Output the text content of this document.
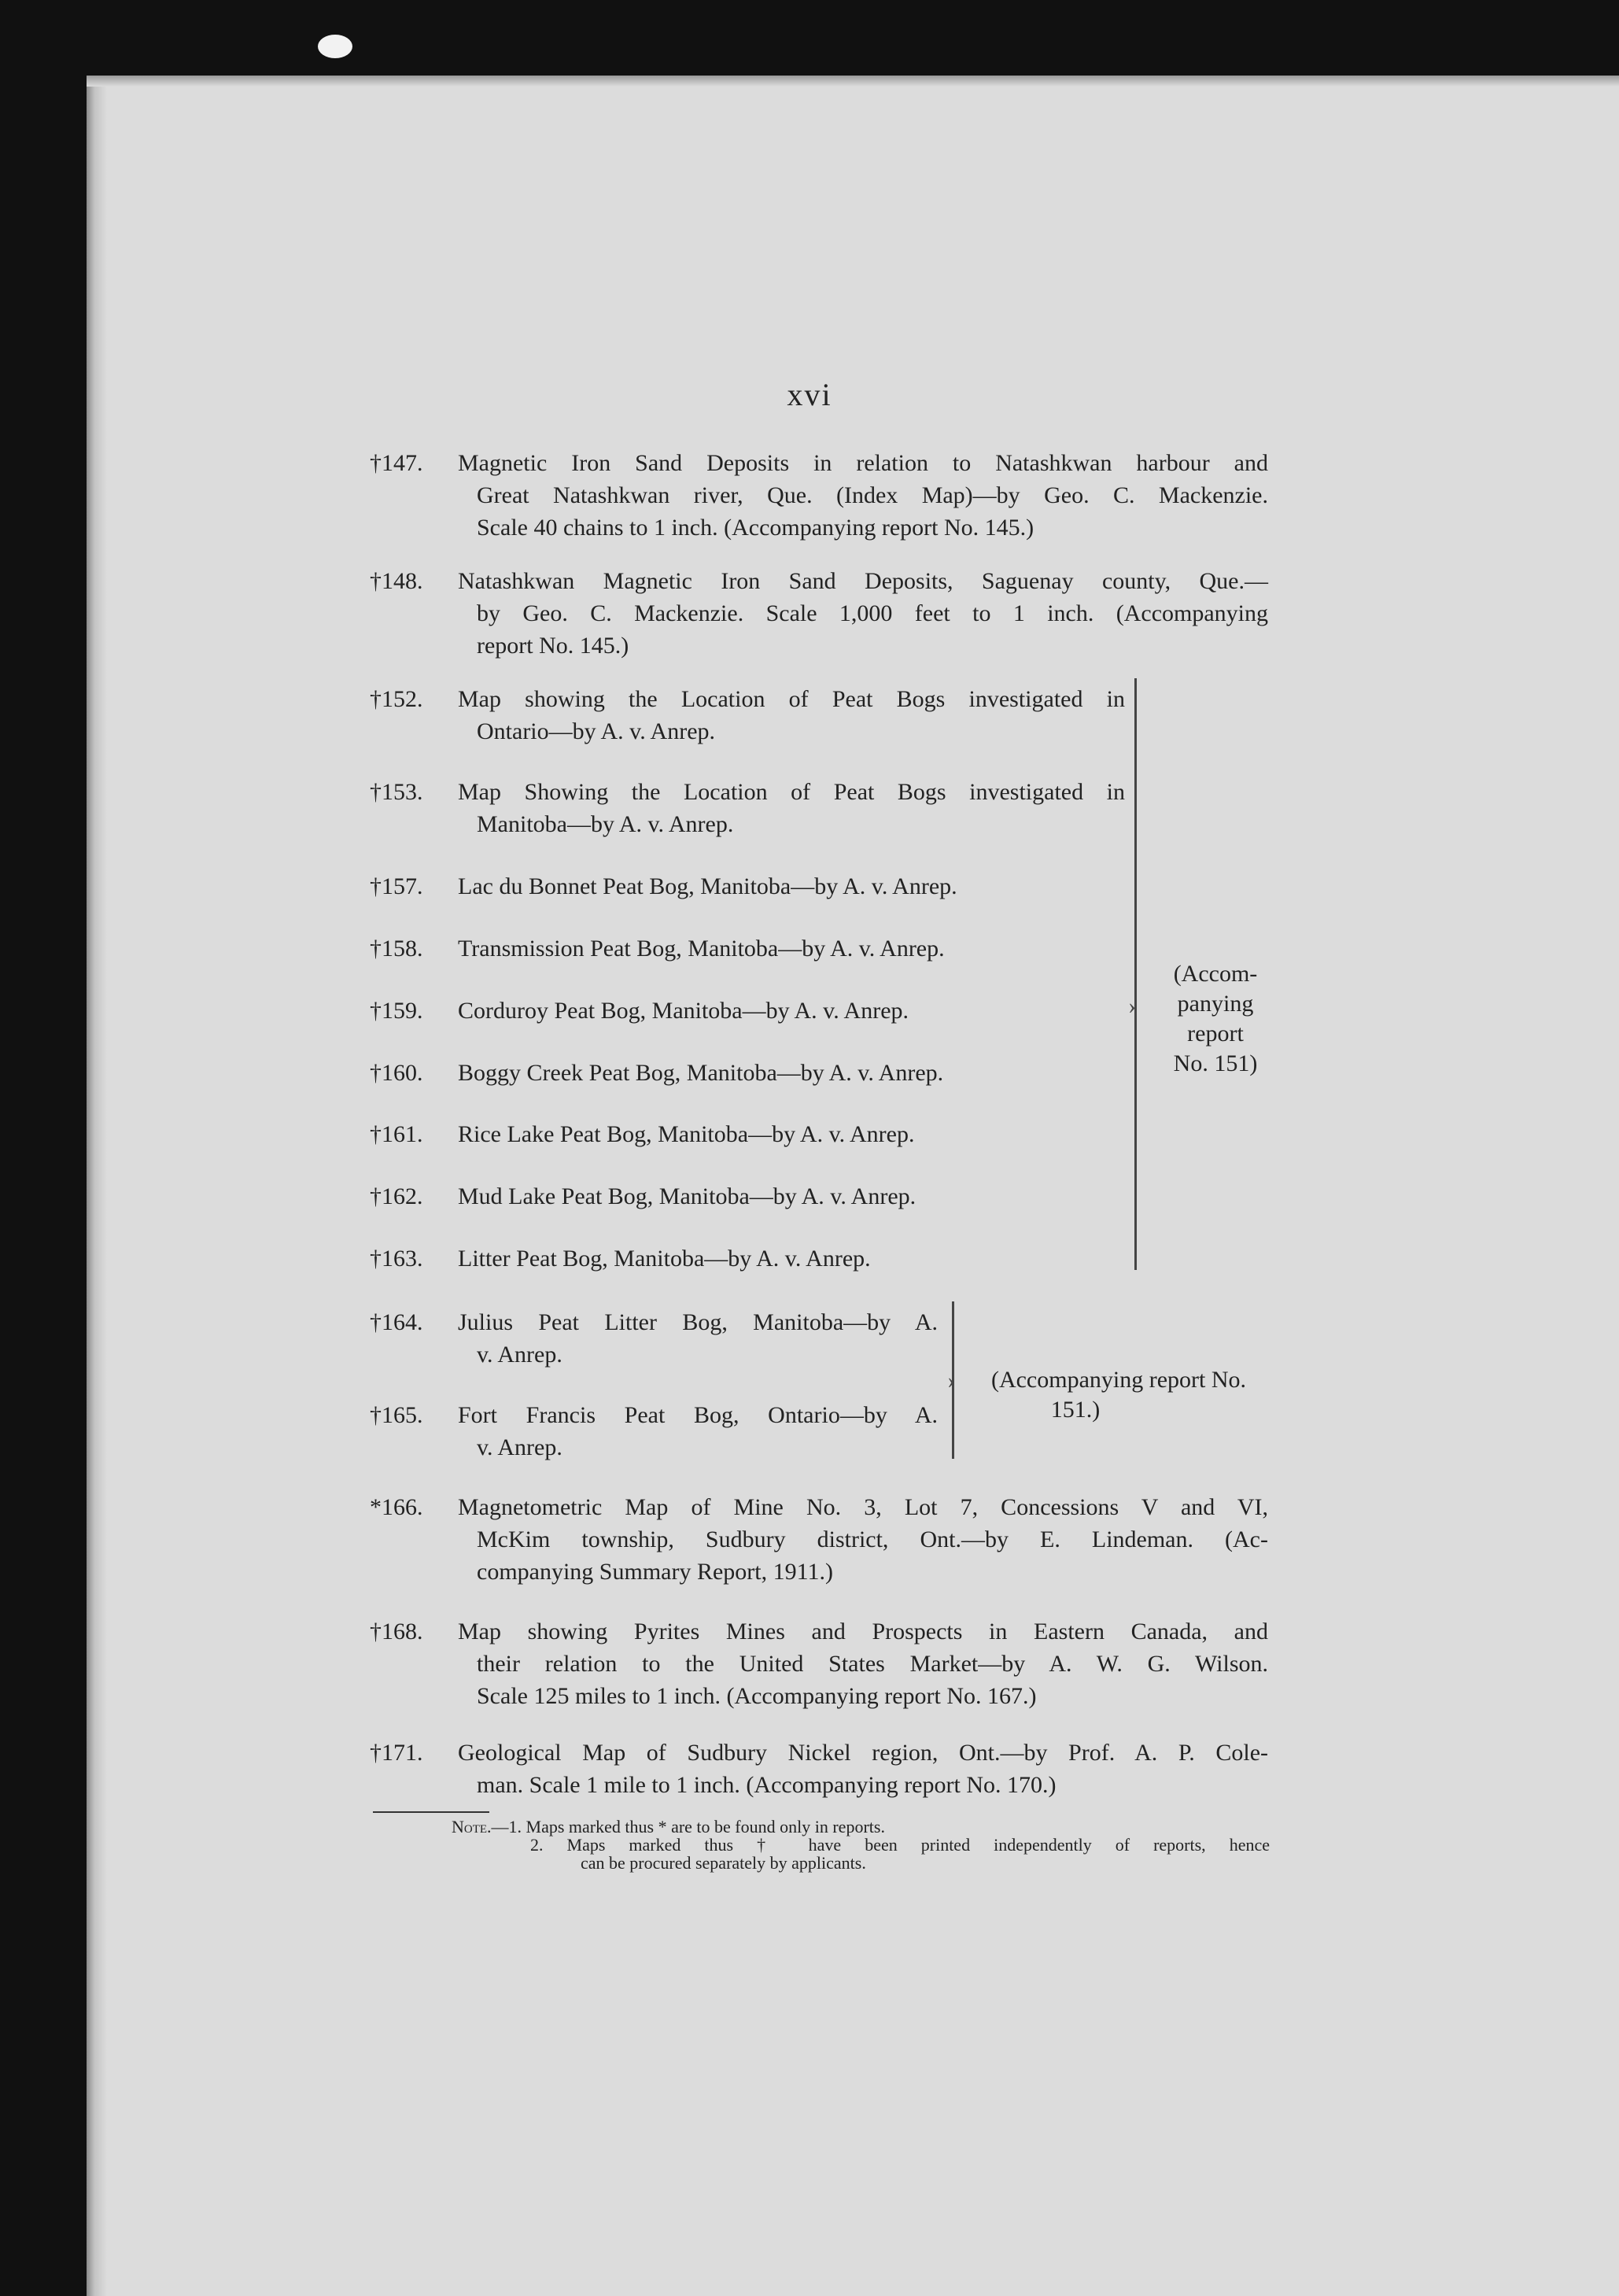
xvi
†147.	Magnetic Iron Sand Deposits in relation to Natashkwan harbour and
Great Natashkwan river, Que. (Index Map)—by Geo. C. Mackenzie.
Scale 40 chains to 1 inch. (Accompanying report No. 145.)
†148.	Natashkwan Magnetic Iron Sand Deposits, Saguenay county, Que.—
by Geo. C. Mackenzie. Scale 1,000 feet to 1 inch. (Accompanying
report No. 145.)
†152.	Map showing the Location of Peat Bogs investigated in
Ontario—by A. v. Anrep.
†153.	Map Showing the Location of Peat Bogs investigated in
Manitoba—by A. v. Anrep.
†157.	Lac du Bonnet Peat Bog, Manitoba—by A. v. Anrep.
†158.	Transmission Peat Bog, Manitoba—by A. v. Anrep.
†159.	Corduroy Peat Bog, Manitoba—by A. v. Anrep.
†160.	Boggy Creek Peat Bog, Manitoba—by A. v. Anrep.
†161.	Rice Lake Peat Bog, Manitoba—by A. v. Anrep.
†162.	Mud Lake Peat Bog, Manitoba—by A. v. Anrep.
†163.	Litter Peat Bog, Manitoba—by A. v. Anrep.
›
(Accom-
panying
report
No. 151)
†164.	Julius Peat Litter Bog, Manitoba—by A.
v. Anrep.
†165.	Fort Francis Peat Bog, Ontario—by A.
v. Anrep.
›	(Accompanying report No.
151.)
*166.	Magnetometric Map of Mine No. 3, Lot 7, Concessions V and VI,
McKim township, Sudbury district, Ont.—by E. Lindeman. (Ac-
companying Summary Report, 1911.)
†168.	Map showing Pyrites Mines and Prospects in Eastern Canada, and
their relation to the United States Market—by A. W. G. Wilson.
Scale 125 miles to 1 inch. (Accompanying report No. 167.)
†171.	Geological Map of Sudbury Nickel region, Ont.—by Prof. A. P. Cole-
man. Scale 1 mile to 1 inch. (Accompanying report No. 170.)
Note.—1. Maps marked thus * are to be found only in reports.
2. Maps marked thus † have been printed independently of reports, hence
can be procured separately by applicants.
